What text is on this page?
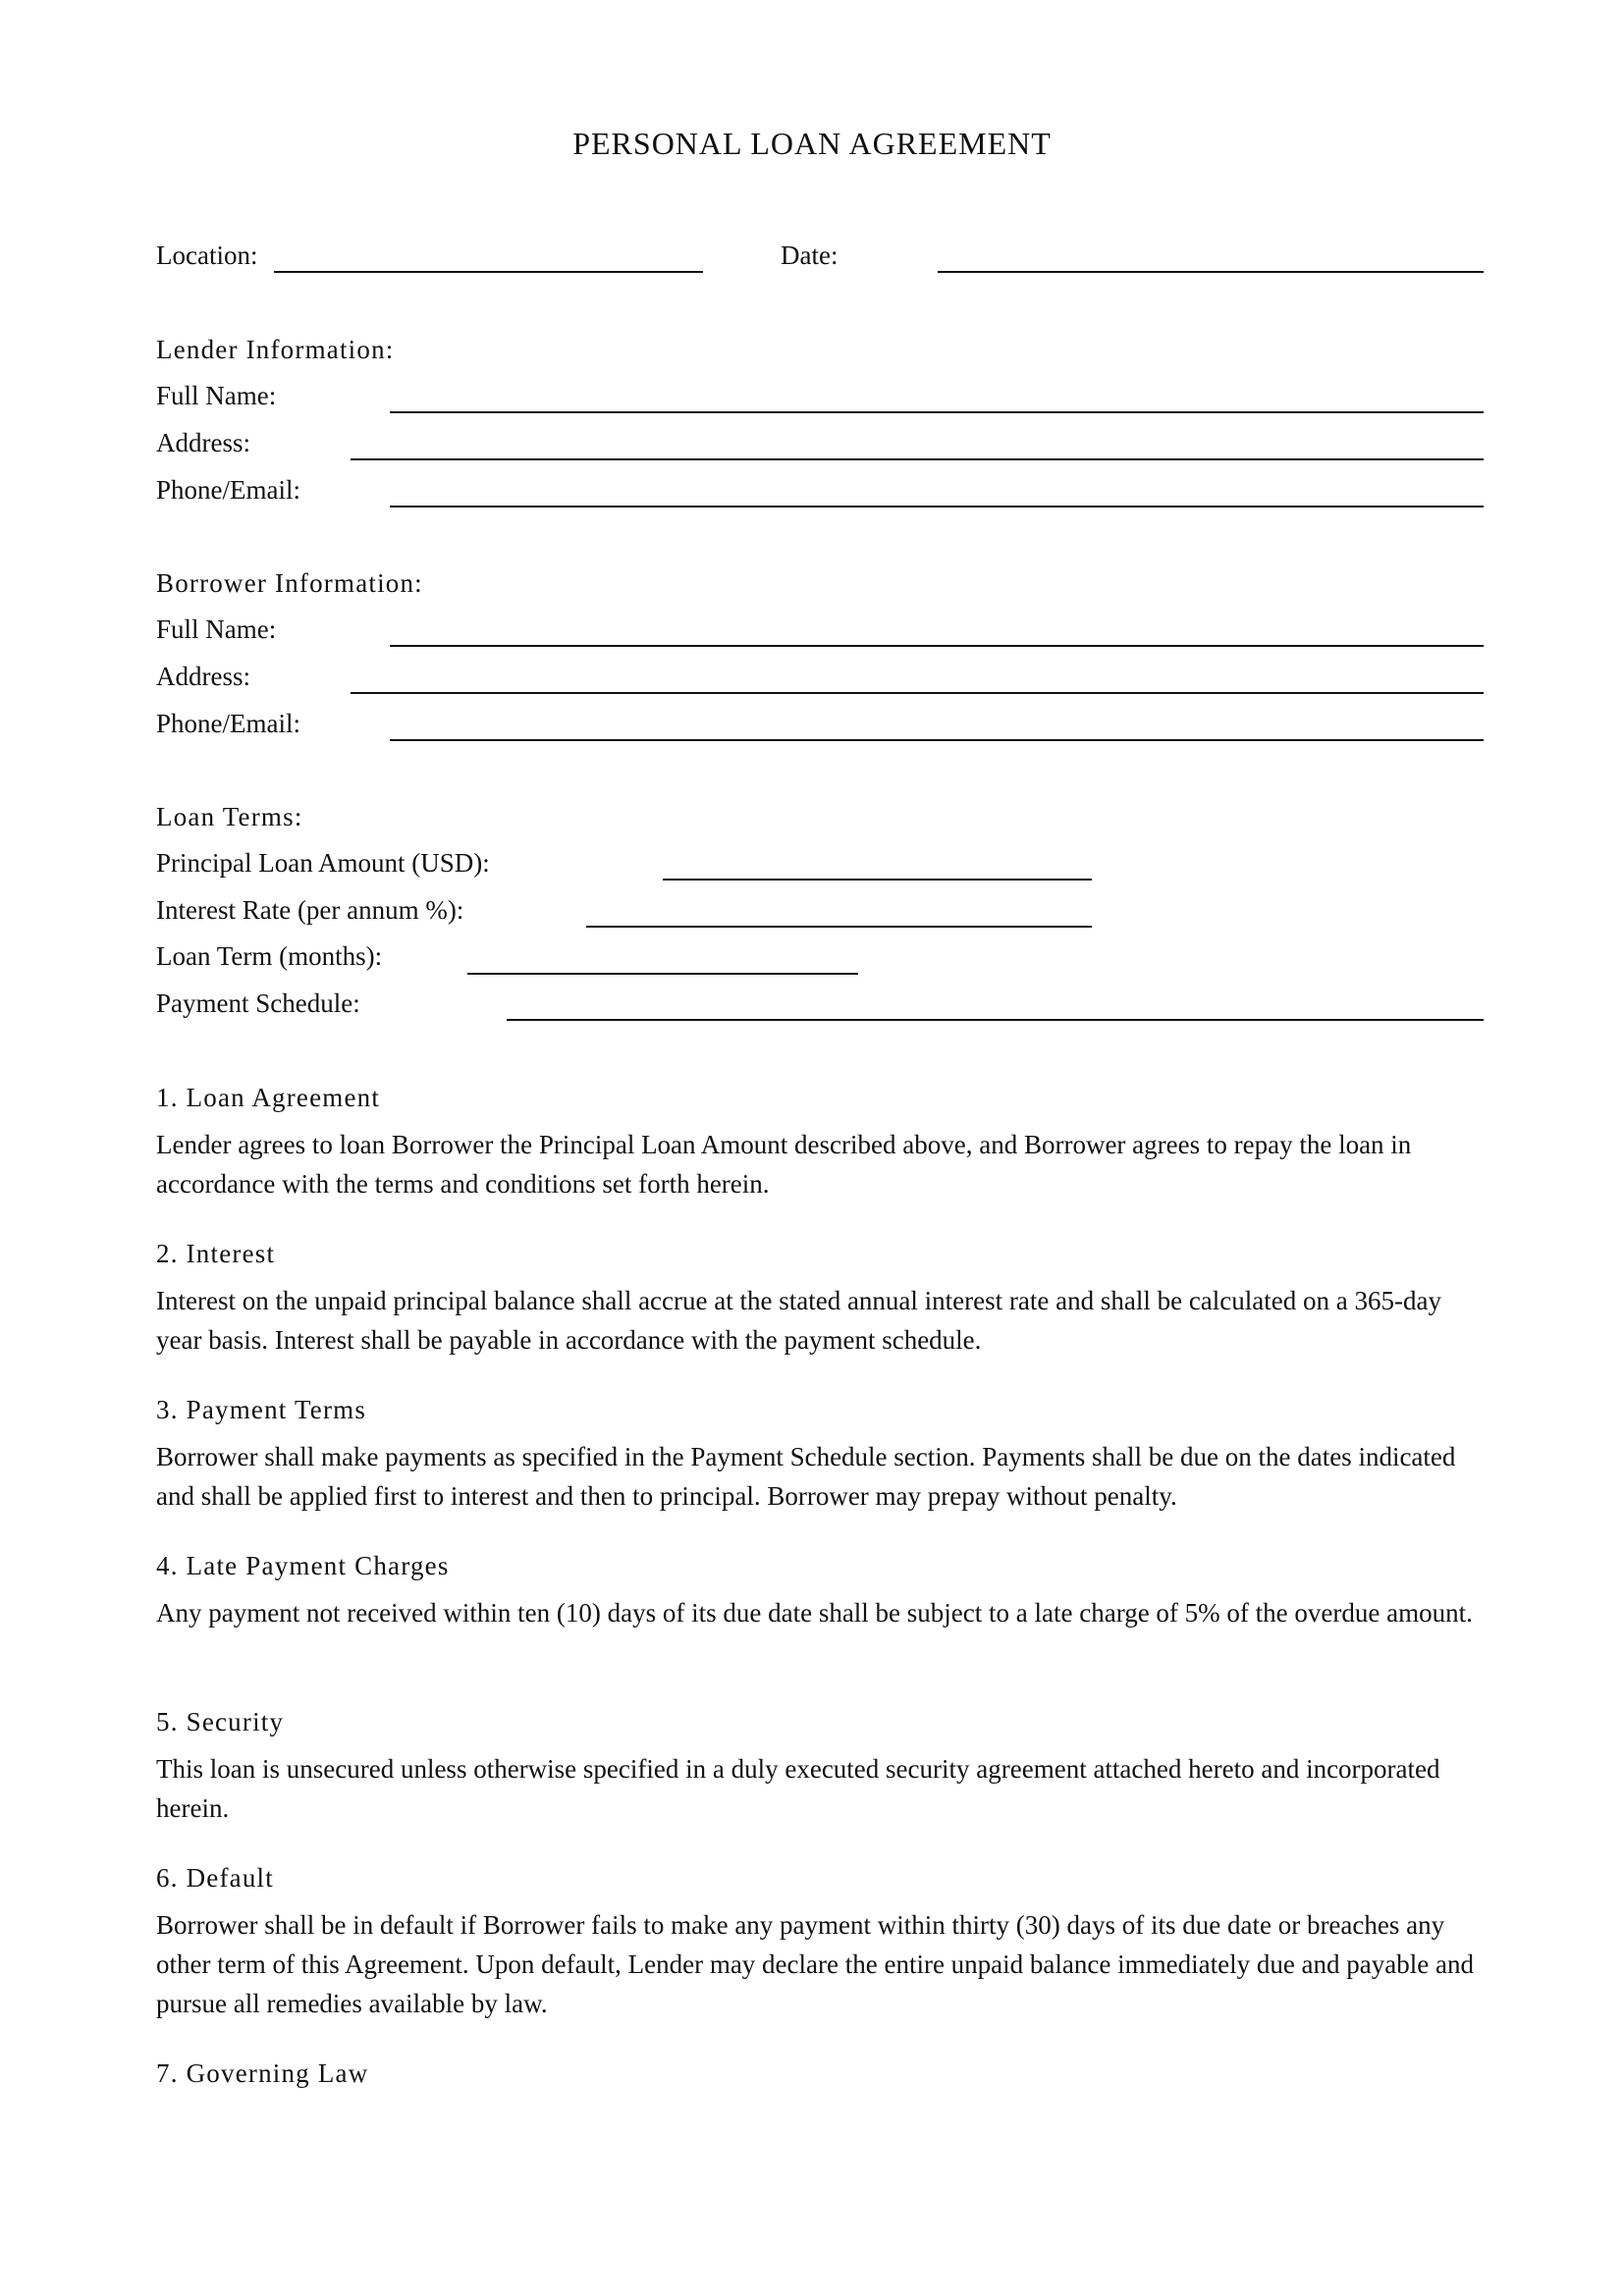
PERSONAL LOAN AGREEMENT
Location:	Date:
Lender Information:
Full Name:
Address:
Phone/Email:
Borrower Information:
Full Name:
Address:
Phone/Email:
Loan Terms:
Principal Loan Amount (USD):
Interest Rate (per annum %):
Loan Term (months):
Payment Schedule:
1. Loan Agreement
Lender agrees to loan Borrower the Principal Loan Amount described above, and Borrower agrees to repay the loan in accordance with the terms and conditions set forth herein.
2. Interest
Interest on the unpaid principal balance shall accrue at the stated annual interest rate and shall be calculated on a 365-day year basis. Interest shall be payable in accordance with the payment schedule.
3. Payment Terms
Borrower shall make payments as specified in the Payment Schedule section. Payments shall be due on the dates indicated and shall be applied first to interest and then to principal. Borrower may prepay without penalty.
4. Late Payment Charges
Any payment not received within ten (10) days of its due date shall be subject to a late charge of 5% of the overdue amount.
5. Security
This loan is unsecured unless otherwise specified in a duly executed security agreement attached hereto and incorporated herein.
6. Default
Borrower shall be in default if Borrower fails to make any payment within thirty (30) days of its due date or breaches any other term of this Agreement. Upon default, Lender may declare the entire unpaid balance immediately due and payable and pursue all remedies available by law.
7. Governing Law
